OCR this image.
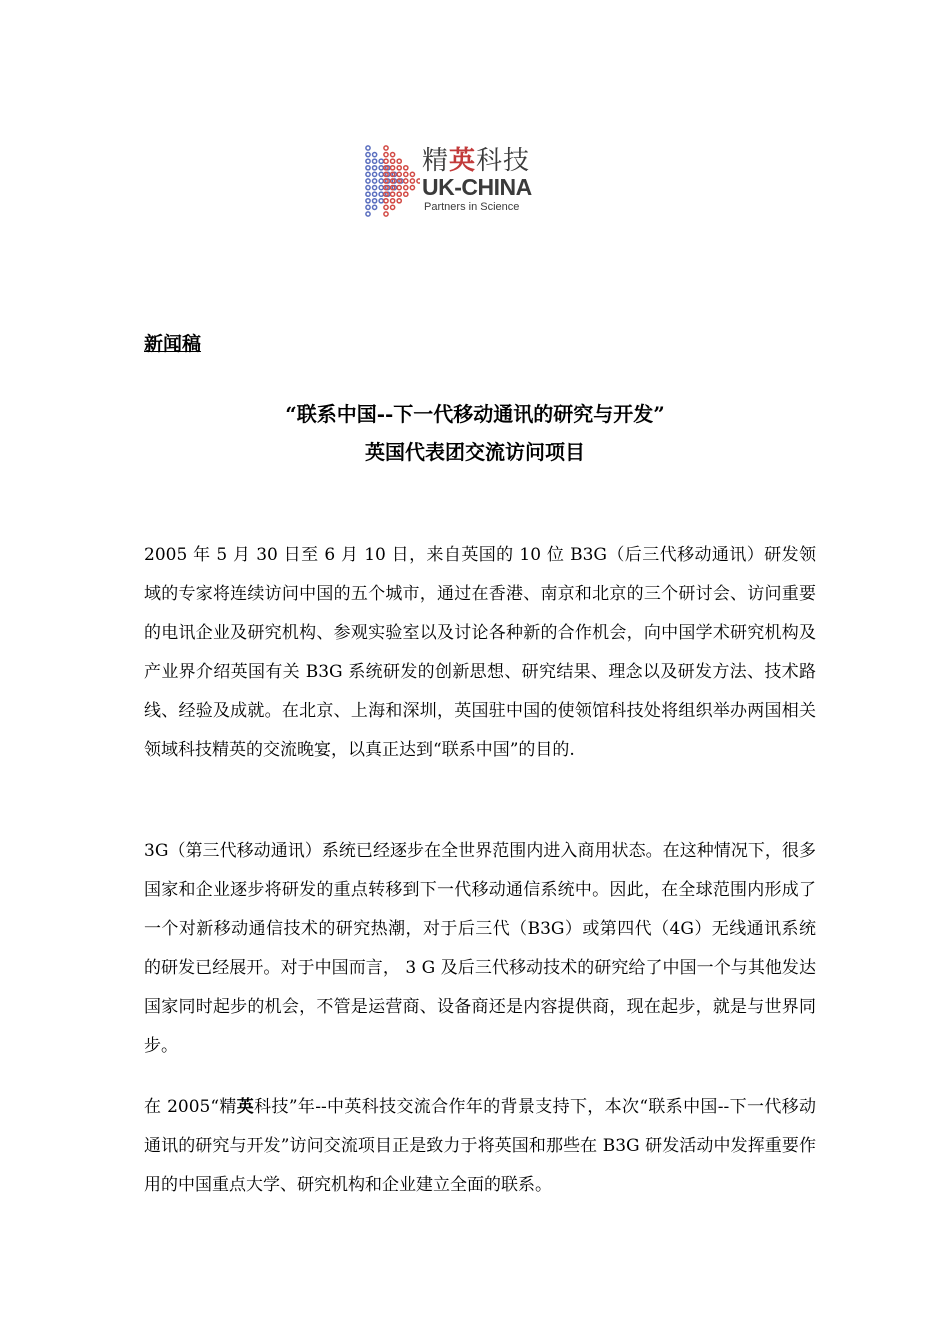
精英科技
UK-CHINA
Partners in Science
新闻稿
“联系中国--下一代移动通讯的研究与开发”
英国代表团交流访问项目

2005 年 5 月 30 日至 6 月 10 日，来自英国的 10 位 B3G（后三代移动通讯）研发领域的专家将连续访问中国的五个城市，通过在香港、南京和北京的三个研讨会、访问重要的电讯企业及研究机构、参观实验室以及讨论各种新的合作机会，向中国学术研究机构及产业界介绍英国有关 B3G 系统研发的创新思想、研究结果、理念以及研发方法、技术路线、经验及成就。在北京、上海和深圳，英国驻中国的使领馆科技处将组织举办两国相关领域科技精英的交流晚宴，以真正达到“联系中国”的目的.

3G（第三代移动通讯）系统已经逐步在全世界范围内进入商用状态。在这种情况下，很多国家和企业逐步将研发的重点转移到下一代移动通信系统中。因此，在全球范围内形成了一个对新移动通信技术的研究热潮，对于后三代（B3G）或第四代（4G）无线通讯系统的研发已经展开。对于中国而言， 3 G 及后三代移动技术的研究给了中国一个与其他发达国家同时起步的机会，不管是运营商、设备商还是内容提供商，现在起步，就是与世界同步。

在 2005“精英科技”年--中英科技交流合作年的背景支持下，本次“联系中国--下一代移动通讯的研究与开发”访问交流项目正是致力于将英国和那些在 B3G 研发活动中发挥重要作用的中国重点大学、研究机构和企业建立全面的联系。
